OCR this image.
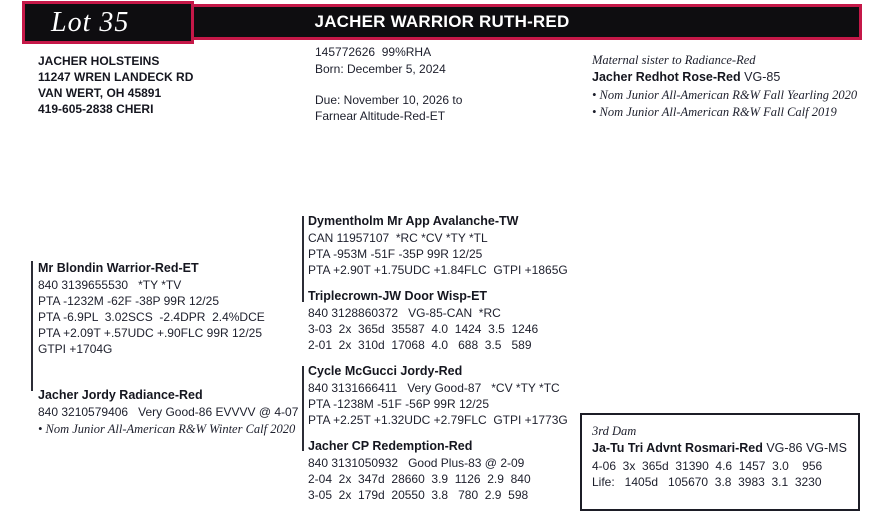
JACHER WARRIOR RUTH-RED
Lot 35
JACHER HOLSTEINS
11247 WREN LANDECK RD
VAN WERT, OH 45891
419-605-2838 CHERI
145772626  99%RHA
Born: December 5, 2024
Due: November 10, 2026 to
Farnear Altitude-Red-ET
Maternal sister to Radiance-Red
Jacher Redhot Rose-Red VG-85
• Nom Junior All-American R&W Fall Yearling 2020
• Nom Junior All-American R&W Fall Calf 2019
Mr Blondin Warrior-Red-ET
840 3139655530   *TY *TV
PTA -1232M -62F -38P 99R 12/25
PTA -6.9PL  3.02SCS  -2.4DPR  2.4%DCE
PTA +2.09T +.57UDC +.90FLC 99R 12/25
GTPI +1704G
Jacher Jordy Radiance-Red
840 3210579406   Very Good-86 EVVVV @ 4-07
• Nom Junior All-American R&W Winter Calf 2020
Dymentholm Mr App Avalanche-TW
CAN 11957107  *RC *CV *TY *TL
PTA -953M -51F -35P 99R 12/25
PTA +2.90T +1.75UDC +1.84FLC  GTPI +1865G
Triplecrown-JW Door Wisp-ET
840 3128860372   VG-85-CAN  *RC
3-03  2x  365d  35587  4.0  1424  3.5  1246
2-01  2x  310d  17068  4.0   688  3.5   589
Cycle McGucci Jordy-Red
840 3131666411   Very Good-87   *CV *TY *TC
PTA -1238M -51F -56P 99R 12/25
PTA +2.25T +1.32UDC +2.79FLC  GTPI +1773G
Jacher CP Redemption-Red
840 3131050932   Good Plus-83 @ 2-09
2-04  2x  347d  28660  3.9  1126  2.9  840
3-05  2x  179d  20550  3.8   780  2.9  598
3rd Dam
Ja-Tu Tri Advnt Rosmari-Red VG-86 VG-MS
4-06  3x  365d  31390  4.6  1457  3.0    956
Life:   1405d   105670  3.8  3983  3.1  3230
